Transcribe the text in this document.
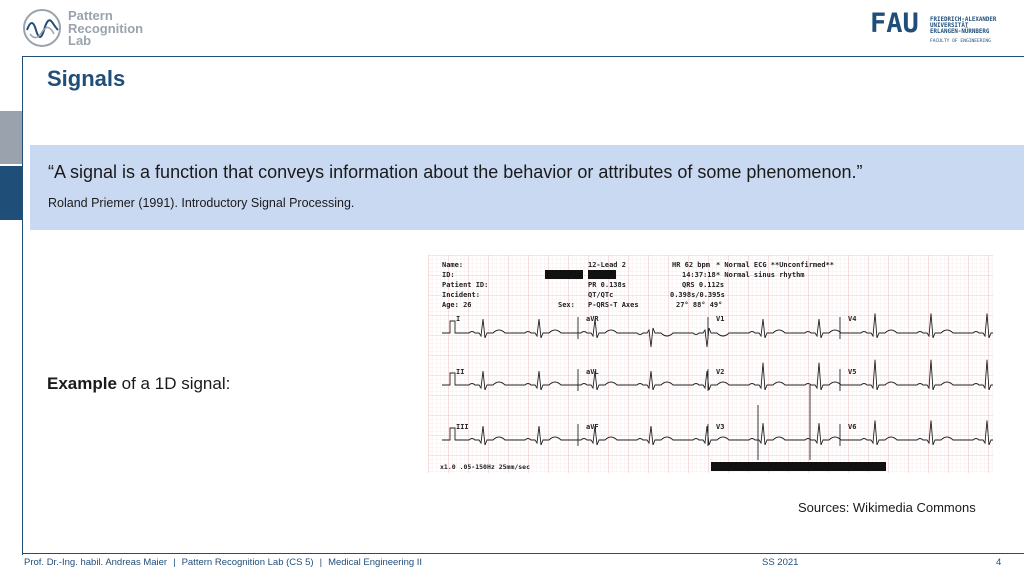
Pattern
Recognition
Lab
FAU FRIEDRICH-ALEXANDER
UNIVERSITÄT
ERLANGEN-NÜRNBERG
FACULTY OF ENGINEERING
Signals
“A signal is a function that conveys information about the behavior or attributes of some phenomenon.”
Roland Priemer (1991). Introductory Signal Processing.
Example of a 1D signal:
Name:
ID:
Patient ID:
Incident:
Age: 26	Sex:
12-Lead 2
PR 0.138s
QT/QTc
P-QRS-T Axes
HR 62 bpm
14:37:18
QRS 0.112s
0.398s/0.395s
27° 88° 49°
* Normal ECG **Unconfirmed**
* Normal sinus rhythm
x1.0 .05-150Hz 25mm/sec
I	aVR	V1	V4
II	aVL	V2	V5
III	aVF	V3	V6
Sources: Wikimedia Commons
Prof. Dr.-Ing. habil. Andreas Maier | Pattern Recognition Lab (CS 5) | Medical Engineering II	SS 2021	4
